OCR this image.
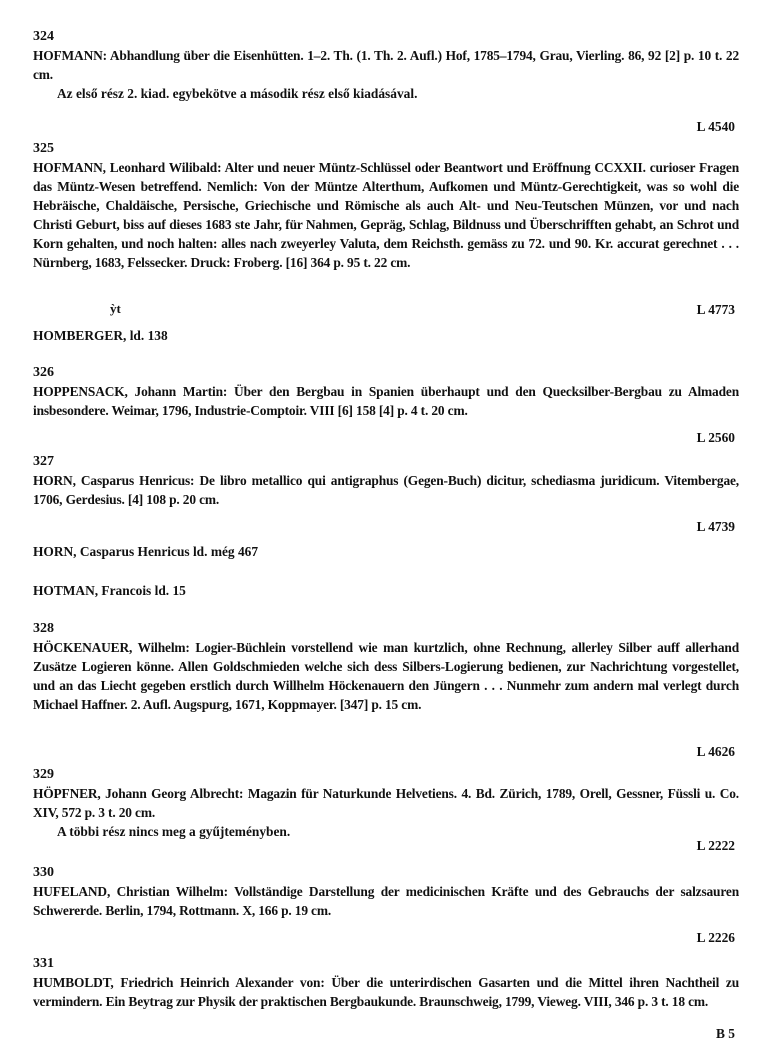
324
HOFMANN: Abhandlung über die Eisenhütten. 1–2. Th. (1. Th. 2. Aufl.) Hof, 1785–1794, Grau, Vierling. 86, 92 [2] p. 10 t. 22 cm.
Az első rész 2. kiad. egybekötve a második rész első kiadásával.
L 4540
325
HOFMANN, Leonhard Wilibald: Alter und neuer Müntz-Schlüssel oder Beantwort und Eröffnung CCXXII. curioser Fragen das Müntz-Wesen betreffend. Nemlich: Von der Müntze Alterthum, Aufkomen und Müntz-Gerechtigkeit, was so wohl die Hebräische, Chaldäische, Persische, Griechische und Römische als auch Alt- und Neu-Teutschen Münzen, vor und nach Christi Geburt, biss auf dieses 1683 ste Jahr, für Nahmen, Gepräg, Schlag, Bildnuss und Überschrifften gehabt, an Schrot und Korn gehalten, und noch halten: alles nach zweyerley Valuta, dem Reichsth. gemäss zu 72. und 90. Kr. accurat gerechnet . . . Nürnberg, 1683, Felssecker. Druck: Froberg. [16] 364 p. 95 t. 22 cm.
ỳt	L 4773
HOMBERGER, ld. 138
326
HOPPENSACK, Johann Martin: Über den Bergbau in Spanien überhaupt und den Quecksilber-Bergbau zu Almaden insbesondere. Weimar, 1796, Industrie-Comptoir. VIII [6] 158 [4] p. 4 t. 20 cm.
L 2560
327
HORN, Casparus Henricus: De libro metallico qui antigraphus (Gegen-Buch) dicitur, schediasma juridicum. Vitembergae, 1706, Gerdesius. [4] 108 p. 20 cm.
L 4739
HORN, Casparus Henricus ld. még 467
HOTMAN, Francois ld. 15
328
HÖCKENAUER, Wilhelm: Logier-Büchlein vorstellend wie man kurtzlich, ohne Rechnung, allerley Silber auff allerhand Zusätze Logieren könne. Allen Goldschmieden welche sich dess Silbers-Logierung bedienen, zur Nachrichtung vorgestellet, und an das Liecht gegeben erstlich durch Willhelm Höckenauern den Jüngern . . . Nunmehr zum andern mal verlegt durch Michael Haffner. 2. Aufl. Augspurg, 1671, Koppmayer. [347] p. 15 cm.
L 4626
329
HÖPFNER, Johann Georg Albrecht: Magazin für Naturkunde Helvetiens. 4. Bd. Zürich, 1789, Orell, Gessner, Füssli u. Co. XIV, 572 p. 3 t. 20 cm.
A többi rész nincs meg a gyűjteményben.
L 2222
330
HUFELAND, Christian Wilhelm: Vollständige Darstellung der medicinischen Kräfte und des Gebrauchs der salzsauren Schwererde. Berlin, 1794, Rottmann. X, 166 p. 19 cm.
L 2226
331
HUMBOLDT, Friedrich Heinrich Alexander von: Über die unterirdischen Gasarten und die Mittel ihren Nachtheil zu vermindern. Ein Beytrag zur Physik der praktischen Bergbaukunde. Braunschweig, 1799, Vieweg. VIII, 346 p. 3 t. 18 cm.
B 5
